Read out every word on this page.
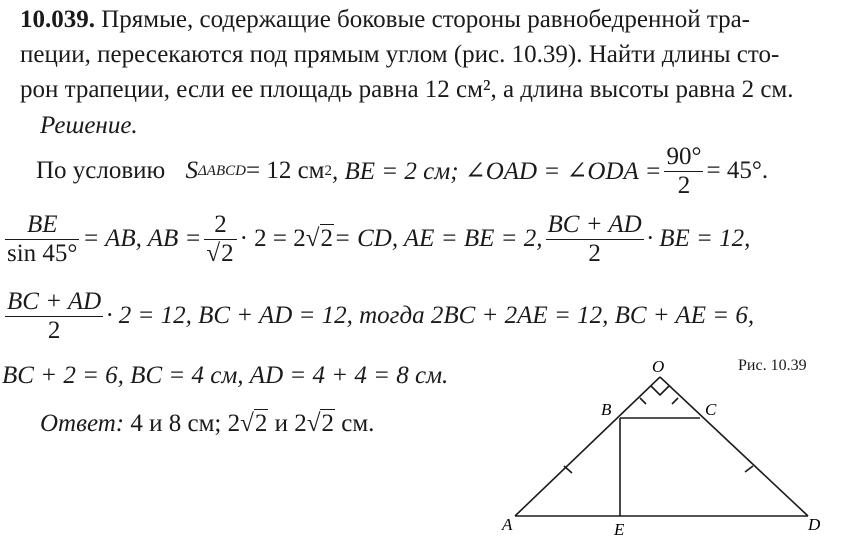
10.039. Прямые, содержащие боковые стороны равнобедренной тра-
пеции, пересекаются под прямым углом (рис. 10.39). Найти длины сто-
рон трапеции, если ее площадь равна 12 см², а длина высоты равна 2 см.
Решение.
По условию
S ΔABCD = 12 см 2 , BE = 2 см; ∠OAD = ∠ODA = $\frac{90^\circ}{2} = 45^\circ$.
$\frac{BE}{\sin 45^\circ}$ = AB, AB = $\frac{2}{√2} \cdot 2 = 2$ √ 2 = CD, AE = BE = 2, $\frac{BC + AD}{2}$ · BE = 12,
$\frac{BC + AD}{2} \cdot 2 = 12$, BC + AD = 12, тогда 2BC + 2AE = 12, BC + AE = 6,
BC + 2 = 6, BC = 4 см, AD = 4 + 4 = 8 см.
Ответ: 4 и 8 см; 2√2 и 2√2 см.
Рис. 10.39
O
B	C
A	E	D
